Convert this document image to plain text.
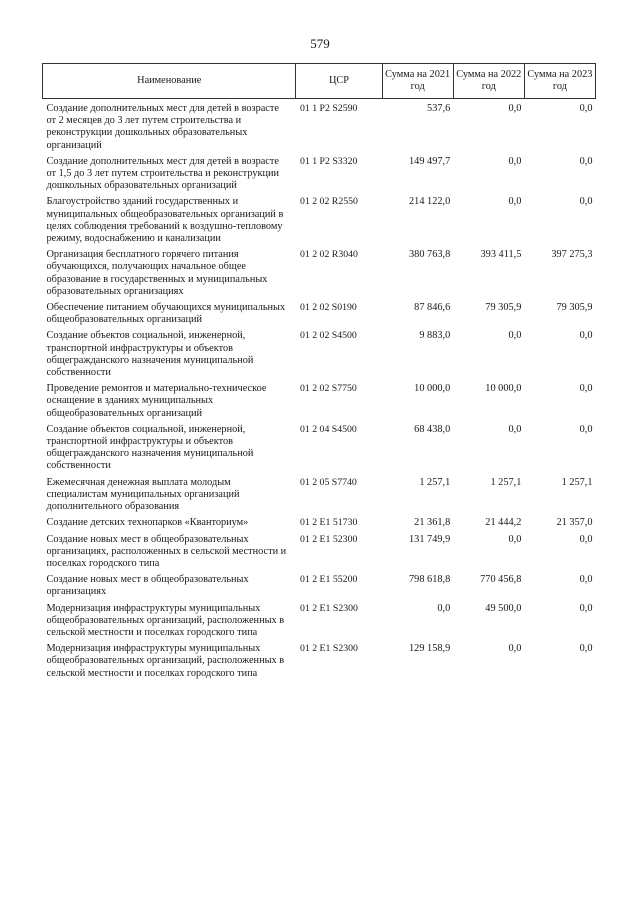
579
Наименование	ЦСР	Сумма на 2021 год	Сумма на 2022 год	Сумма на 2023 год
Создание дополнительных мест для детей в возрасте от 2 месяцев до 3 лет путем строительства и реконструкции дошкольных образовательных организаций	01 1 P2 S2590	537,6	0,0	0,0
Создание дополнительных мест для детей в возрасте от 1,5 до 3 лет путем строительства и реконструкции дошкольных образовательных организаций	01 1 P2 S3320	149 497,7	0,0	0,0
Благоустройство зданий государственных и муниципальных общеобразовательных организаций в целях соблюдения требований к воздушно-тепловому режиму, водоснабжению и канализации	01 2 02 R2550	214 122,0	0,0	0,0
Организация бесплатного горячего питания обучающихся, получающих начальное общее образование в государственных и муниципальных образовательных организациях	01 2 02 R3040	380 763,8	393 411,5	397 275,3
Обеспечение питанием обучающихся муниципальных общеобразовательных организаций	01 2 02 S0190	87 846,6	79 305,9	79 305,9
Создание объектов социальной, инженерной, транспортной инфраструктуры и объектов общегражданского назначения муниципальной собственности	01 2 02 S4500	9 883,0	0,0	0,0
Проведение ремонтов и материально-техническое оснащение в зданиях муниципальных общеобразовательных организаций	01 2 02 S7750	10 000,0	10 000,0	0,0
Создание объектов социальной, инженерной, транспортной инфраструктуры и объектов общегражданского назначения муниципальной собственности	01 2 04 S4500	68 438,0	0,0	0,0
Ежемесячная денежная выплата молодым специалистам муниципальных организаций дополнительного образования	01 2 05 S7740	1 257,1	1 257,1	1 257,1
Создание детских технопарков «Кванториум»	01 2 E1 51730	21 361,8	21 444,2	21 357,0
Создание новых мест в общеобразовательных организациях, расположенных в сельской местности и поселках городского типа	01 2 E1 52300	131 749,9	0,0	0,0
Создание новых мест в общеобразовательных организациях	01 2 E1 55200	798 618,8	770 456,8	0,0
Модернизация инфраструктуры муниципальных общеобразовательных организаций, расположенных в сельской местности и поселках городского типа	01 2 E1 S2300	0,0	49 500,0	0,0
Модернизация инфраструктуры муниципальных общеобразовательных организаций, расположенных в сельской местности и поселках городского типа	01 2 E1 S2300	129 158,9	0,0	0,0
